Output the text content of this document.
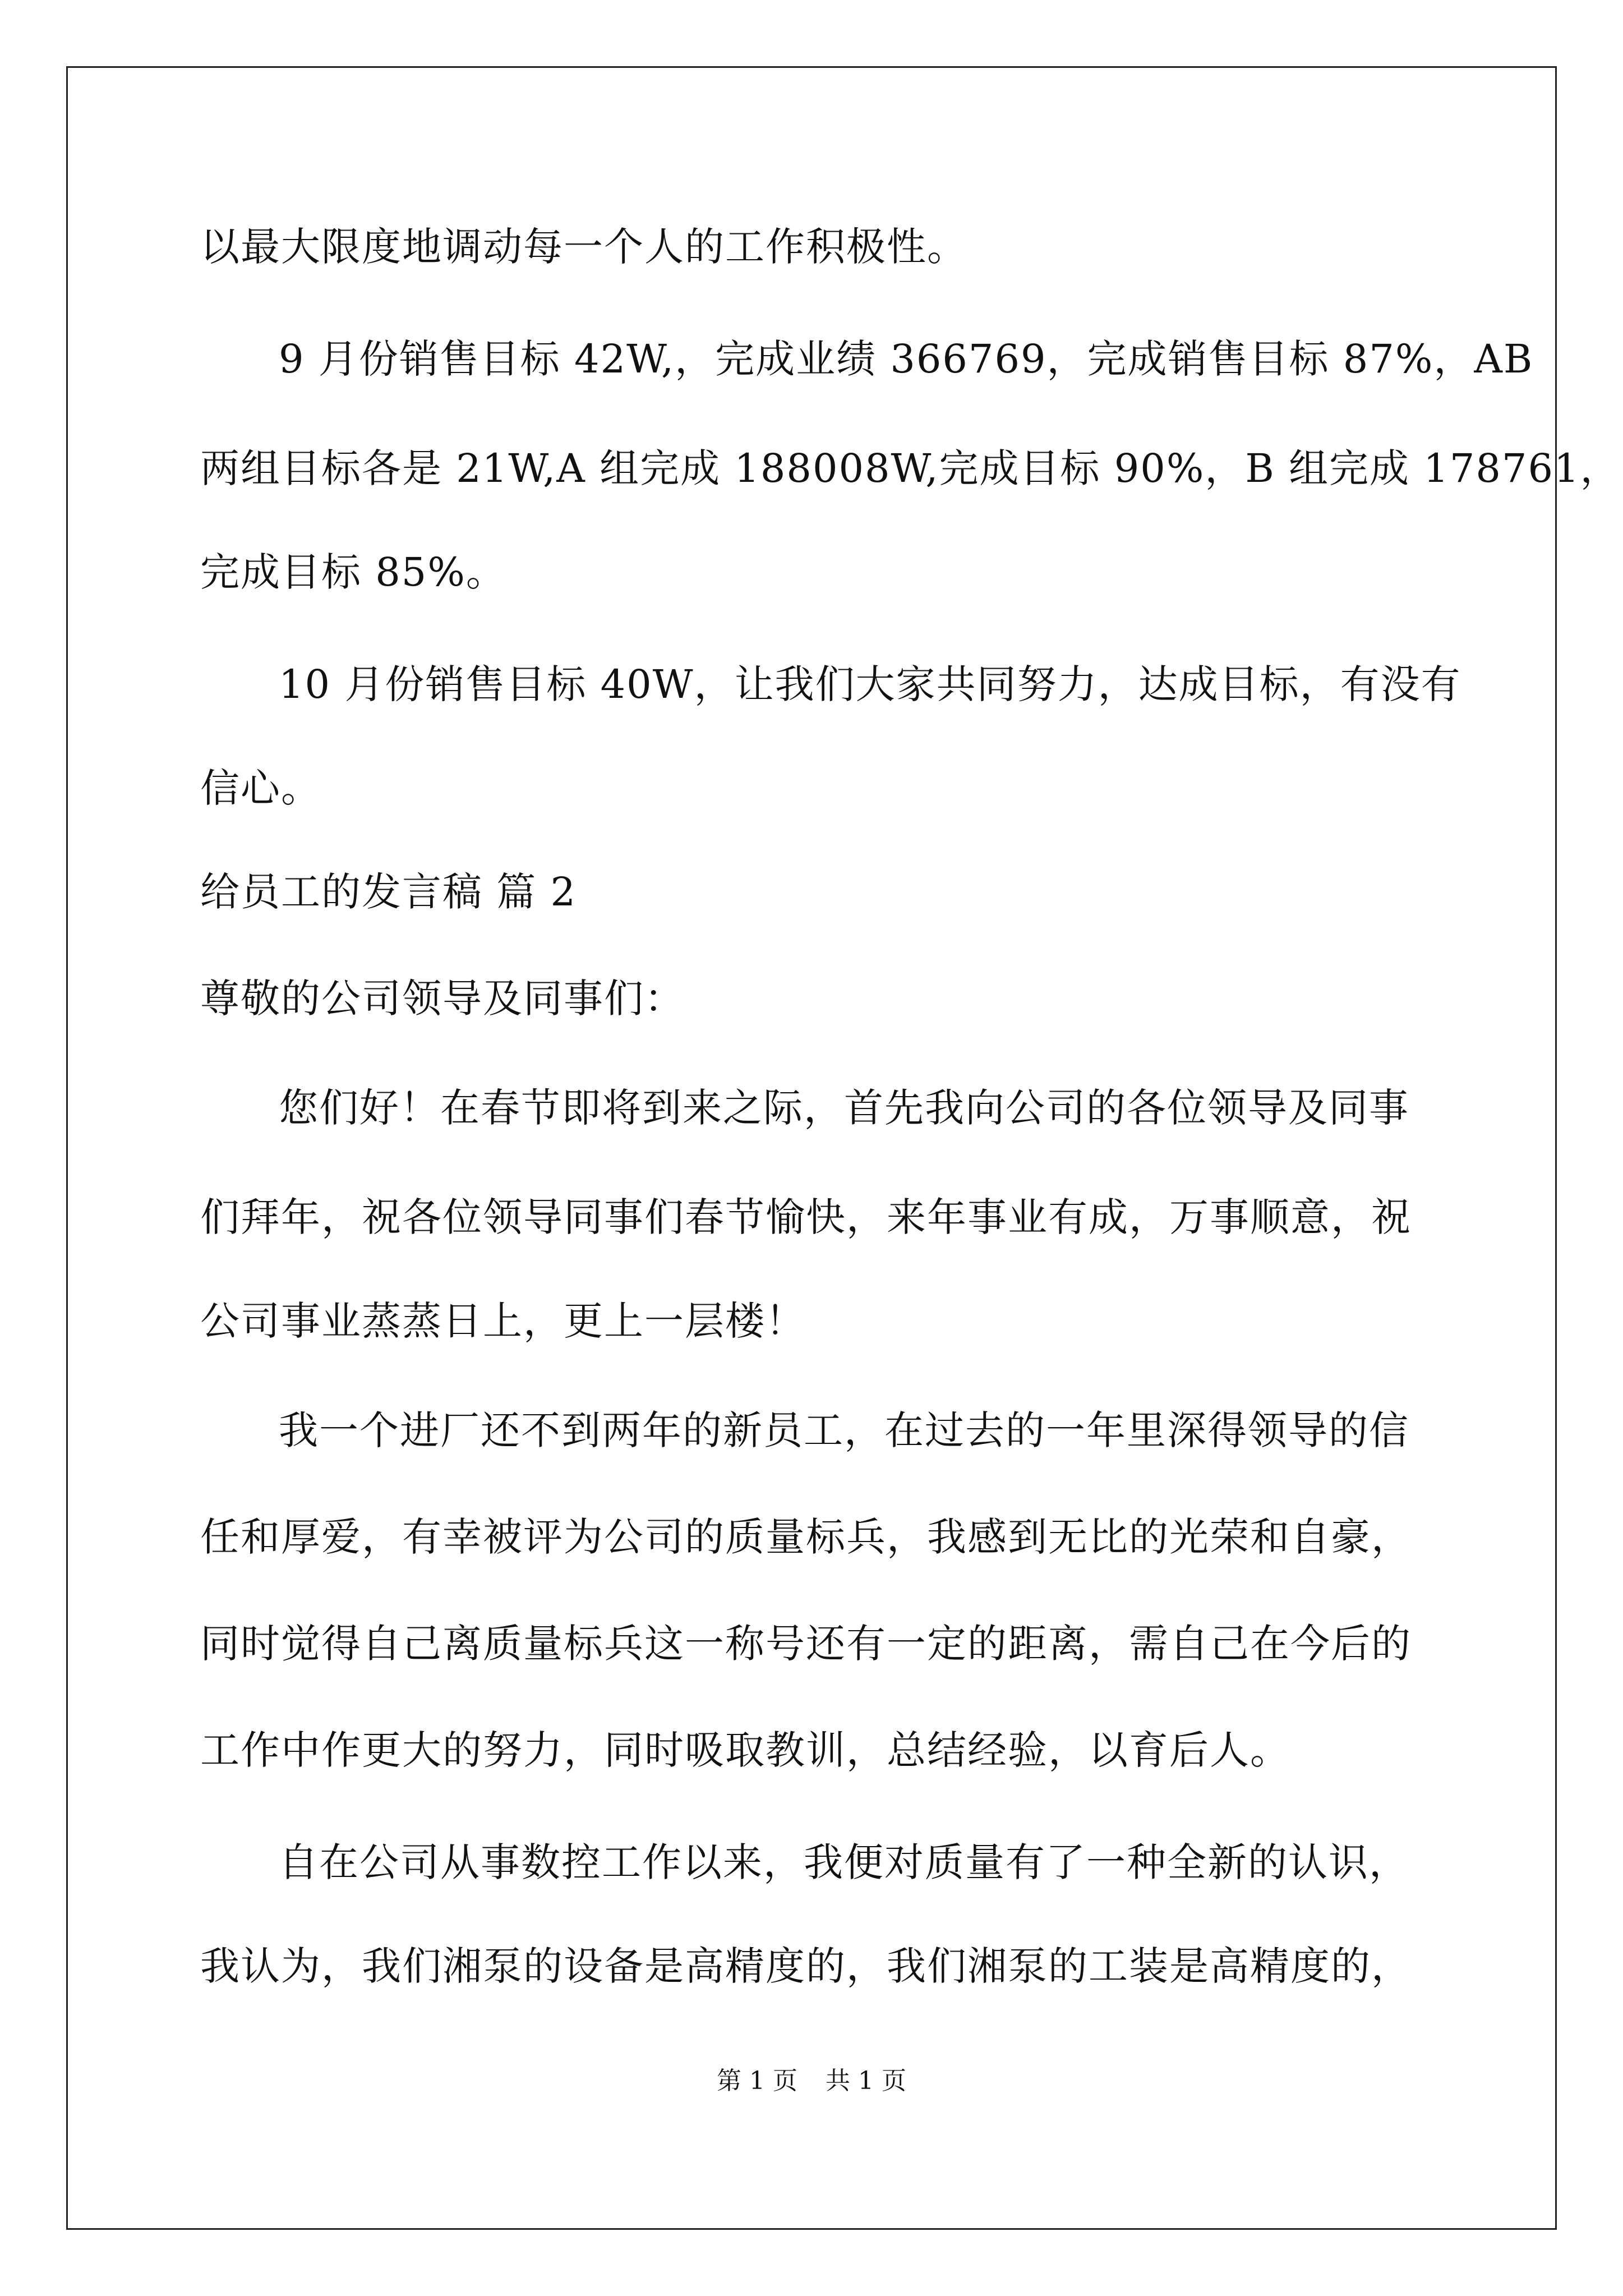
以最大限度地调动每一个人的工作积极性。
9 月份销售目标 42W,，完成业绩 366769，完成销售目标 87%，AB
两组目标各是 21W,A 组完成 188008W,完成目标 90%，B 组完成 178761，
完成目标 85%。
10 月份销售目标 40W，让我们大家共同努力，达成目标，有没有
信心。
给员工的发言稿 篇 2
尊敬的公司领导及同事们：
您们好！在春节即将到来之际，首先我向公司的各位领导及同事
们拜年，祝各位领导同事们春节愉快，来年事业有成，万事顺意，祝
公司事业蒸蒸日上，更上一层楼！
我一个进厂还不到两年的新员工，在过去的一年里深得领导的信
任和厚爱，有幸被评为公司的质量标兵，我感到无比的光荣和自豪，
同时觉得自己离质量标兵这一称号还有一定的距离，需自己在今后的
工作中作更大的努力，同时吸取教训，总结经验，以育后人。
自在公司从事数控工作以来，我便对质量有了一种全新的认识，
我认为，我们湘泵的设备是高精度的，我们湘泵的工装是高精度的，
第 1 页 共 1 页
